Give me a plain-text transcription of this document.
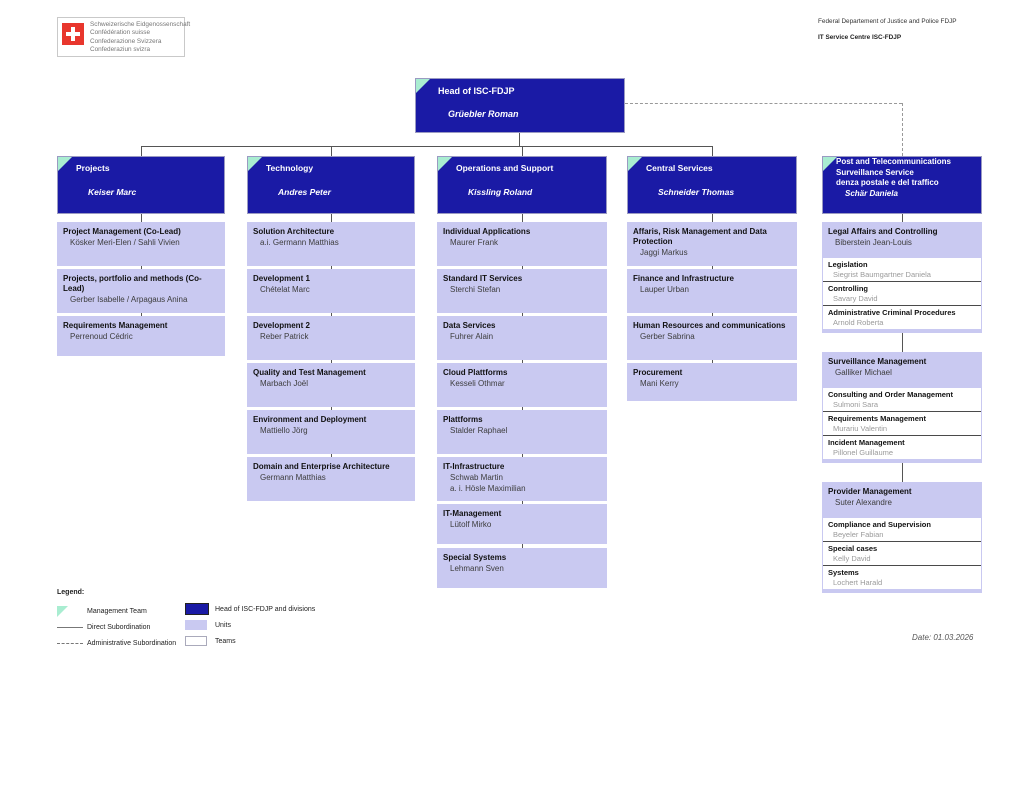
Schweizerische Eidgenossenschaft
Confédération suisse
Confederazione Svizzera
Confederaziun svizra
Federal Departement of Justice and Police FDJP
IT Service Centre ISC-FDJP
Head of ISC-FDJP
Grüebler Roman
Projects
Keiser Marc
Technology
Andres Peter
Operations and Support
Kissling Roland
Central Services
Schneider Thomas
Post and Telecommunications
Surveillance Service
denza postale e del traffico
Schär Daniela
Project Management (Co-Lead)
Kösker Meri-Elen / Sahli Vivien
Projects, portfolio and methods (Co-Lead)
Gerber Isabelle / Arpagaus Anina
Requirements Management
Perrenoud Cédric
Solution Architecture
a.i. Germann Matthias
Development 1
Chételat Marc
Development 2
Reber Patrick
Quality and Test Management
Marbach Joël
Environment and Deployment
Mattiello Jörg
Domain and Enterprise Architecture
Germann Matthias
Individual Applications
Maurer Frank
Standard IT Services
Sterchi Stefan
Data Services
Fuhrer Alain
Cloud Plattforms
Kesseli Othmar
Plattforms
Stalder Raphael
IT-Infrastructure
Schwab Martin
a. i. Hösle Maximilian
IT-Management
Lütolf Mirko
Special Systems
Lehmann Sven
Affaris, Risk Management and Data Protection
Jaggi Markus
Finance and Infrastructure
Lauper Urban
Human Resources and communications
Gerber Sabrina
Procurement
Mani Kerry
Legal Affairs and Controlling
Biberstein Jean-Louis
Legislation
Siegrist Baumgartner Daniela
Controlling
Savary David
Administrative Criminal Procedures
Arnold Roberta
Surveillance Management
Galliker Michael
Consulting and Order Management
Sulmoni Sara
Requirements Management
Murariu Valentin
Incident Management
Pillonel Guillaume
Provider Management
Suter Alexandre
Compliance and Supervision
Beyeler Fabian
Special cases
Kelly David
Systems
Lochert Harald
Legend:
Management Team
Direct Subordination
Administrative Subordination
Head of ISC-FDJP and divisions
Units
Teams	Date: 01.03.2026
